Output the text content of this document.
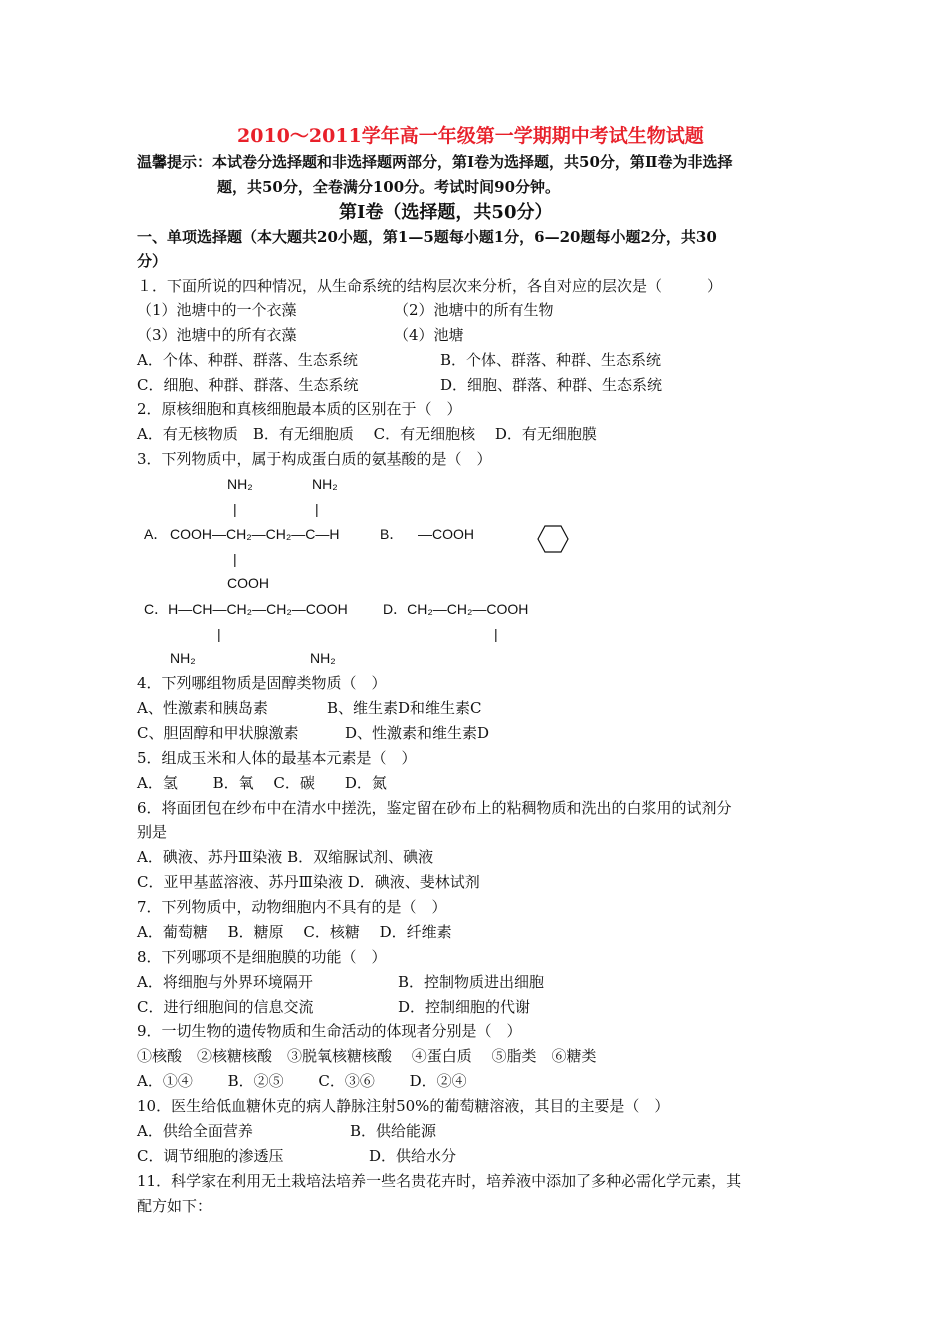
2010～2011学年高一年级第一学期期中考试生物试题
温馨提示：本试卷分选择题和非选择题两部分，第Ⅰ卷为选择题，共50分，第Ⅱ卷为非选择
题，共50分，全卷满分100分。考试时间90分钟。
第Ⅰ卷（选择题，共50分）
一、单项选择题（本大题共20小题，第1—5题每小题1分，6—20题每小题2分，共30
分）
１．下面所说的四种情况，从生命系统的结构层次来分析，各自对应的层次是（　　　）
（1）池塘中的一个衣藻	（2）池塘中的所有生物
（3）池塘中的所有衣藻	（4）池塘
A．个体、种群、群落、生态系统	B．个体、群落、种群、生态系统
C．细胞、种群、群落、生态系统	D．细胞、群落、种群、生态系统
2．原核细胞和真核细胞最本质的区别在于（　）
A．有无核物质　B．有无细胞质　 C．有无细胞核　 D．有无细胞膜
3．下列物质中，属于构成蛋白质的氨基酸的是（　）
NH₂	NH₂
|	|
A． COOH—CH₂—CH₂—C—H	B． —COOH
|
COOH
C．H—CH—CH₂—CH₂—COOH	D．CH₂—CH₂—COOH
|	|
NH₂	NH₂
4．下列哪组物质是固醇类物质（　）
A、性激素和胰岛素	B、维生素D和维生素C
C、胆固醇和甲状腺激素	D、性激素和维生素D
5．组成玉米和人体的最基本元素是（　）
A．氢　　 B．氧　 C．碳　　D．氮
6．将面团包在纱布中在清水中搓洗，鉴定留在砂布上的粘稠物质和洗出的白浆用的试剂分
别是
A．碘液、苏丹Ⅲ染液 B．双缩脲试剂、碘液
C．亚甲基蓝溶液、苏丹Ⅲ染液 D．碘液、斐林试剂
7．下列物质中，动物细胞内不具有的是（　）
A．葡萄糖　 B．糖原　 C．核糖　 D．纤维素
8．下列哪项不是细胞膜的功能（　）
A．将细胞与外界环境隔开	B．控制物质进出细胞
C．进行细胞间的信息交流	D．控制细胞的代谢
9．一切生物的遗传物质和生命活动的体现者分别是（　）
①核酸　②核糖核酸　③脱氧核糖核酸　 ④蛋白质　 ⑤脂类　⑥糖类
A．①④　　 B．②⑤　　 C．③⑥　　 D．②④
10．医生给低血糖休克的病人静脉注射50%的葡萄糖溶液，其目的主要是（　）
A．供给全面营养	B．供给能源
C．调节细胞的渗透压	D．供给水分
11．科学家在利用无土栽培法培养一些名贵花卉时，培养液中添加了多种必需化学元素，其
配方如下：
